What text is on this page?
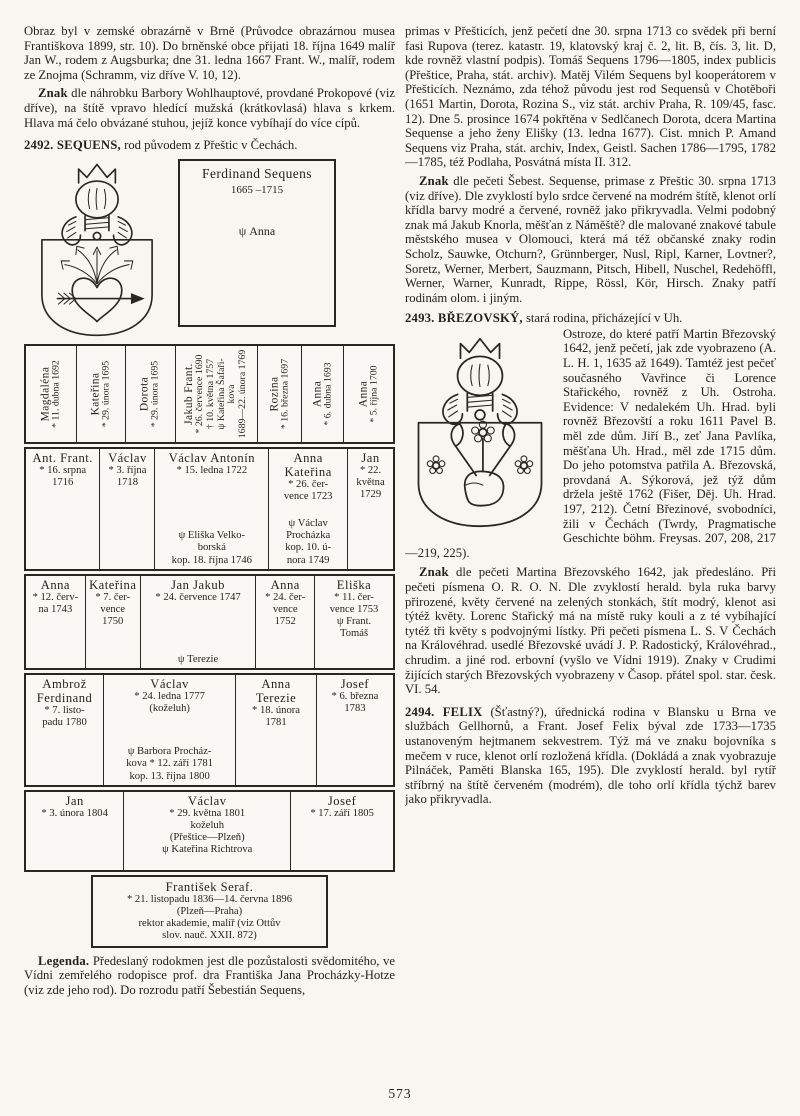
Obraz byl v zemské obrazárně v Brně (Průvodce obrazárnou musea Františkova 1899, str. 10). Do brněnské obce přijati 18. října 1649 malíř Jan W., rodem z Augsburka; dne 31. ledna 1667 Frant. W., malíř, rodem ze Znojma (Schramm, viz dříve V. 10, 12).

Znak dle náhrobku Barbory Wohlhauptové, provdané Prokopové (viz dříve), na štítě vpravo hledící mužská (krátkovlasá) hlava s krkem. Hlava má čelo obvázané stuhou, jejíž konce vybíhají do více cípů.

2492. SEQUENS, rod původem z Přeštic v Čechách.

Ferdinand Sequens
1665 –1715
ψ Anna
Magdaléna * 11. dubna 1692 Kateřina * 29. února 1695 Dorota * 29. února 1695 Jakub Frant. * 26. července 1690 † 10. května 1757 ψ Kateřina Šafaři- kova 1689—22. února 1769 Rozina * 16. března 1697 Anna * 6. dubna 1693 Anna * 5. října 1700
Ant. Frant.
* 16. srpna
1716
Václav
* 3. října
1718
Václav Antonín
* 15. ledna 1722
ψ Eliška Velko-
borská
kop. 18. října 1746
Anna
Kateřina
* 26. čer-
vence 1723
ψ Václav
Procházka
kop. 10. ú-
nora 1749
Jan
* 22.
května
1729
Anna
* 12. červ-
na 1743
Kateřina
* 7. čer-
vence
1750
Jan Jakub
* 24. července 1747
ψ Terezie
Anna
* 24. čer-
vence
1752
Eliška
* 11. čer-
vence 1753
ψ Frant.
Tomáš
Ambrož
Ferdinand
* 7. listo-
padu 1780
Václav
* 24. ledna 1777
(koželuh)
ψ Barbora Procház-
kova * 12. září 1781
kop. 13. října 1800
Anna
Terezie
* 18. února
1781
Josef
* 6. března
1783
Jan
* 3. února 1804
Václav
* 29. května 1801
koželuh
(Přeštice—Plzeň)
ψ Kateřina Richtrova
Josef
* 17. září 1805
František Seraf.
* 21. listopadu 1836—14. června 1896
(Plzeň—Praha)
rektor akademie, malíř (viz Ottův
slov. nauč. XXII. 872)

Legenda. Předeslaný rodokmen jest dle pozůstalosti svědomitého, ve Vídni zemřelého rodopisce prof. dra Františka Jana Procházky-Hotze (viz zde jeho rod). Do rozrodu patří Šebestián Sequens,

primas v Přešticích, jenž pečetí dne 30. srpna 1713 co svědek při berní fasi Rupova (terez. katastr. 19, klatovský kraj č. 2, lit. B, čís. 3, lit. D, kde rovněž vlastní podpis). Tomáš Sequens 1796—1805, index publicis (Přeštice, Praha, stát. archiv). Matěj Vilém Sequens byl kooperátorem v Přešticích. Neznámo, zda téhož původu jest rod Sequensů v Chotěboři (1651 Martin, Dorota, Rozina S., viz stát. archiv Praha, R. 109/45, fasc. 12). Dne 5. prosince 1674 pokřtěna v Sedlčanech Dorota, dcera Martina Sequense a jeho ženy Elišky (13. ledna 1677). Cist. mnich P. Amand Sequens viz Praha, stát. archiv, Index, Geistl. Sachen 1786—1795, 1782—1785, též Podlaha, Posvátná místa II. 312.

Znak dle pečeti Šebest. Sequense, primase z Přeštic 30. srpna 1713 (viz dříve). Dle zvyklostí bylo srdce červené na modrém štítě, klenot orlí křídla barvy modré a červené, rovněž jako přikryvadla. Velmi podobný znak má Jakub Knorla, měšťan z Náměště? dle malované znakové tabule městského musea v Olomouci, která má též občanské znaky rodin Scholz, Sauwke, Otchurn?, Grünnberger, Nusl, Ripl, Karner, Lovtner?, Soretz, Werner, Merbert, Sauzmann, Pitsch, Hibell, Nuschel, Redehöffl, Werner, Warner, Kunradt, Rippe, Rössl, Kör, Hirsch. Znaky patří rodinám olom. i jiným.

2493. BŘEZOVSKÝ, stará rodina, přicházející v Uh.

Ostroze, do které patří Martin Březovský 1642, jenž pečetí, jak zde vyobrazeno (A. L. H. 1, 1635 až 1649). Tamtéž jest pečeť současného Vavřince či Lorence Stařického, rovněž z Uh. Ostroha. Evidence: V nedalekém Uh. Hrad. byli rovněž Březovští a roku 1611 Pavel B. měl zde dům. Jiří B., zeť Jana Pavlíka, měšťana Uh. Hrad., měl zde 1715 dům. Do jeho potomstva patřila A. Březovská, provdaná A. Sýkorová, jež týž dům držela ještě 1762 (Fišer, Děj. Uh. Hrad. 197, 212). Četní Březinové, svobodníci, žili v Čechách (Twrdy, Pragmatische Geschichte böhm. Freysas. 207, 208, 217—219, 225).

Znak dle pečeti Martina Březovského 1642, jak předesláno. Při pečeti písmena O. R. O. N. Dle zvyklostí herald. byla ruka barvy přirozené, květy červené na zelených stonkách, štít modrý, klenot asi týtéž květy. Lorenc Stařický má na místě ruky kouli a z té vybíhající tytéž tři květy s podvojnými lístky. Při pečeti písmena L. S. V Čechách na Královéhrad. usedlé Březovské uvádí J. P. Radostický, Královéhrad., chrudim. a jiné rod. erbovní (vyšlo ve Vídni 1919). Znaky v Crudimi žijících starých Březovských vyobrazeny v Časop. přátel spol. star. česk. VI. 54.

2494. FELIX (Šťastný?), úřednická rodina v Blansku u Brna ve službách Gellhornů, a Frant. Josef Felix býval zde 1733—1735 ustanoveným hejtmanem sekvestrem. Týž má ve znaku bojovníka s mečem v ruce, klenot orlí rozložená křídla. (Dokládá a znak vyobrazuje Pilnáček, Paměti Blanska 165, 195). Dle zvyklostí herald. byl rytíř stříbrný na štítě červeném (modrém), dle toho orlí křídla týchž barev jako přikryvadla.

573
